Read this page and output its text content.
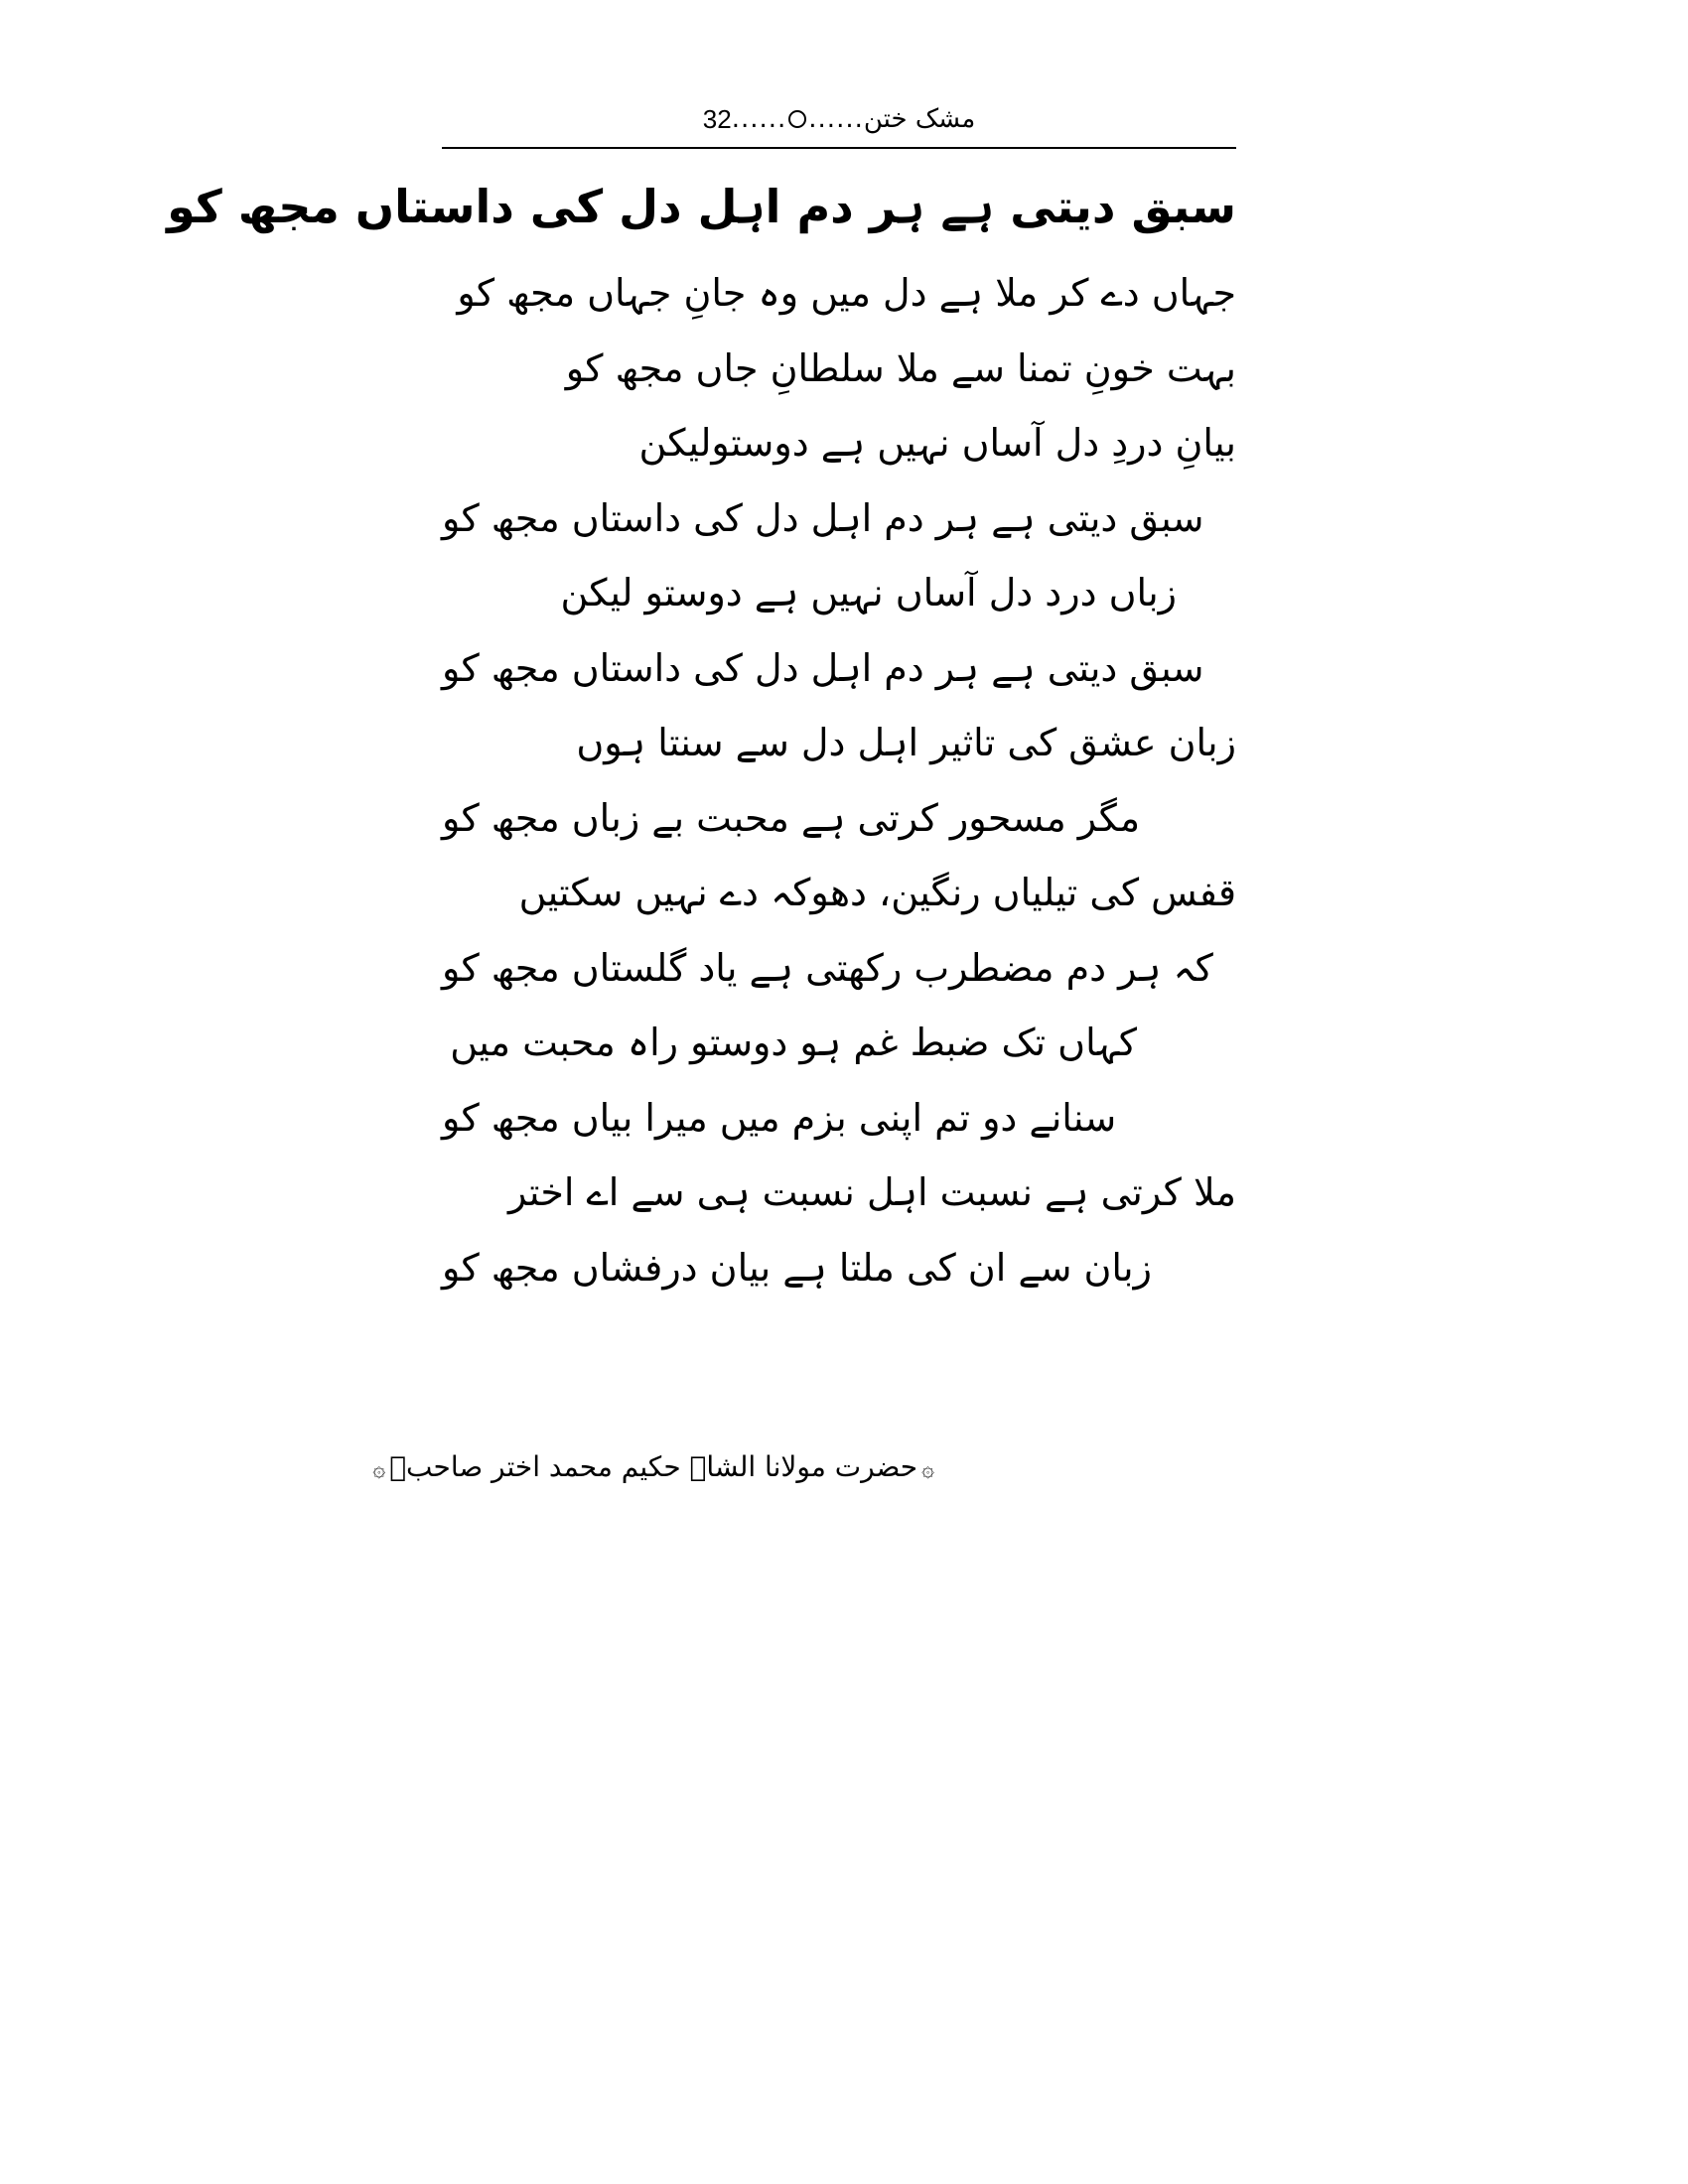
مشک ختن
......
......
32
سبق دیتی ہے ہر دم اہل دل کی داستاں مجھ کو
جہاں دے کر ملا ہے دل میں وہ جانِ جہاں مجھ کو
بہت خونِ تمنا سے ملا سلطانِ جاں مجھ کو
بیانِ دردِ دل آساں نہیں ہے دوستولیکن
سبق دیتی ہے ہر دم اہل دل کی داستاں مجھ کو
زباں درد دل آساں نہیں ہے دوستو لیکن
سبق دیتی ہے ہر دم اہل دل کی داستاں مجھ کو
زبان عشق کی تاثیر اہل دل سے سنتا ہوں
مگر مسحور کرتی ہے محبت بے زباں مجھ کو
قفس کی تیلیاں رنگین، دھوکہ دے نہیں سکتیں
کہ ہر دم مضطرب رکھتی ہے یاد گلستاں مجھ کو
کہاں تک ضبط غم ہو دوستو راہ محبت میں
سنانے دو تم اپنی بزم میں میرا بیاں مجھ کو
ملا کرتی ہے نسبت اہل نسبت ہی سے اے اختر
زبان سے ان کی ملتا ہے بیان درفشاں مجھ کو
۞حضرت مولانا الشاہ حکیم محمد اختر صاحبؒ۞
